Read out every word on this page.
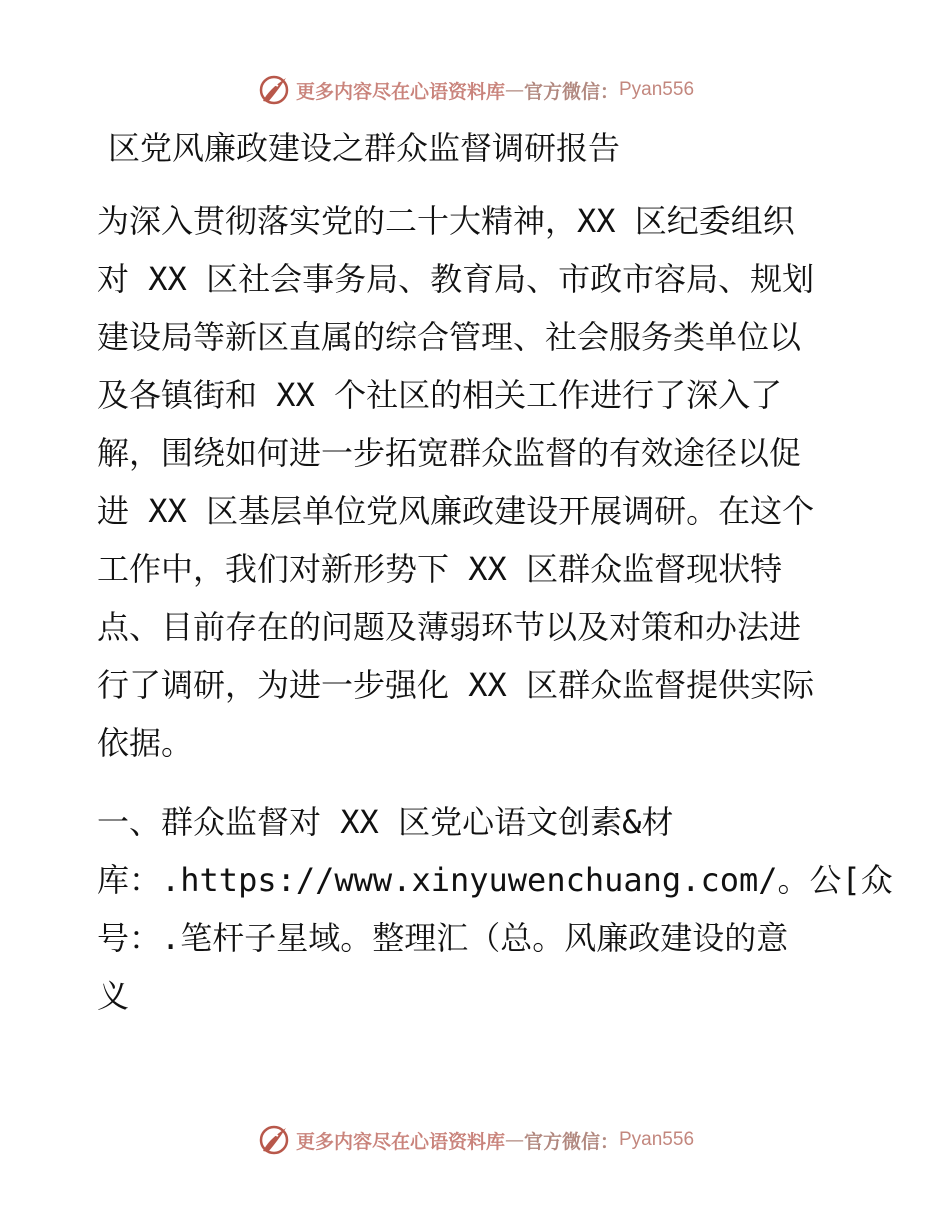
更多内容尽在心语资料库 — 官方微信： Pyan556
区党风廉政建设之群众监督调研报告
为深入贯彻落实党的二十大精神，XX 区纪委组织
对 XX 区社会事务局、教育局、市政市容局、规划
建设局等新区直属的综合管理、社会服务类单位以
及各镇街和 XX 个社区的相关工作进行了深入了
解，围绕如何进一步拓宽群众监督的有效途径以促
进 XX 区基层单位党风廉政建设开展调研。在这个
工作中，我们对新形势下 XX 区群众监督现状特
点、目前存在的问题及薄弱环节以及对策和办法进
行了调研，为进一步强化 XX 区群众监督提供实际
依据。
一、群众监督对 XX 区党心语文创素&材
库：.https://www.xinyuwenchuang.com/。公[众
号：.笔杆子星域。整理汇（总。风廉政建设的意
义
更多内容尽在心语资料库 — 官方微信： Pyan556
